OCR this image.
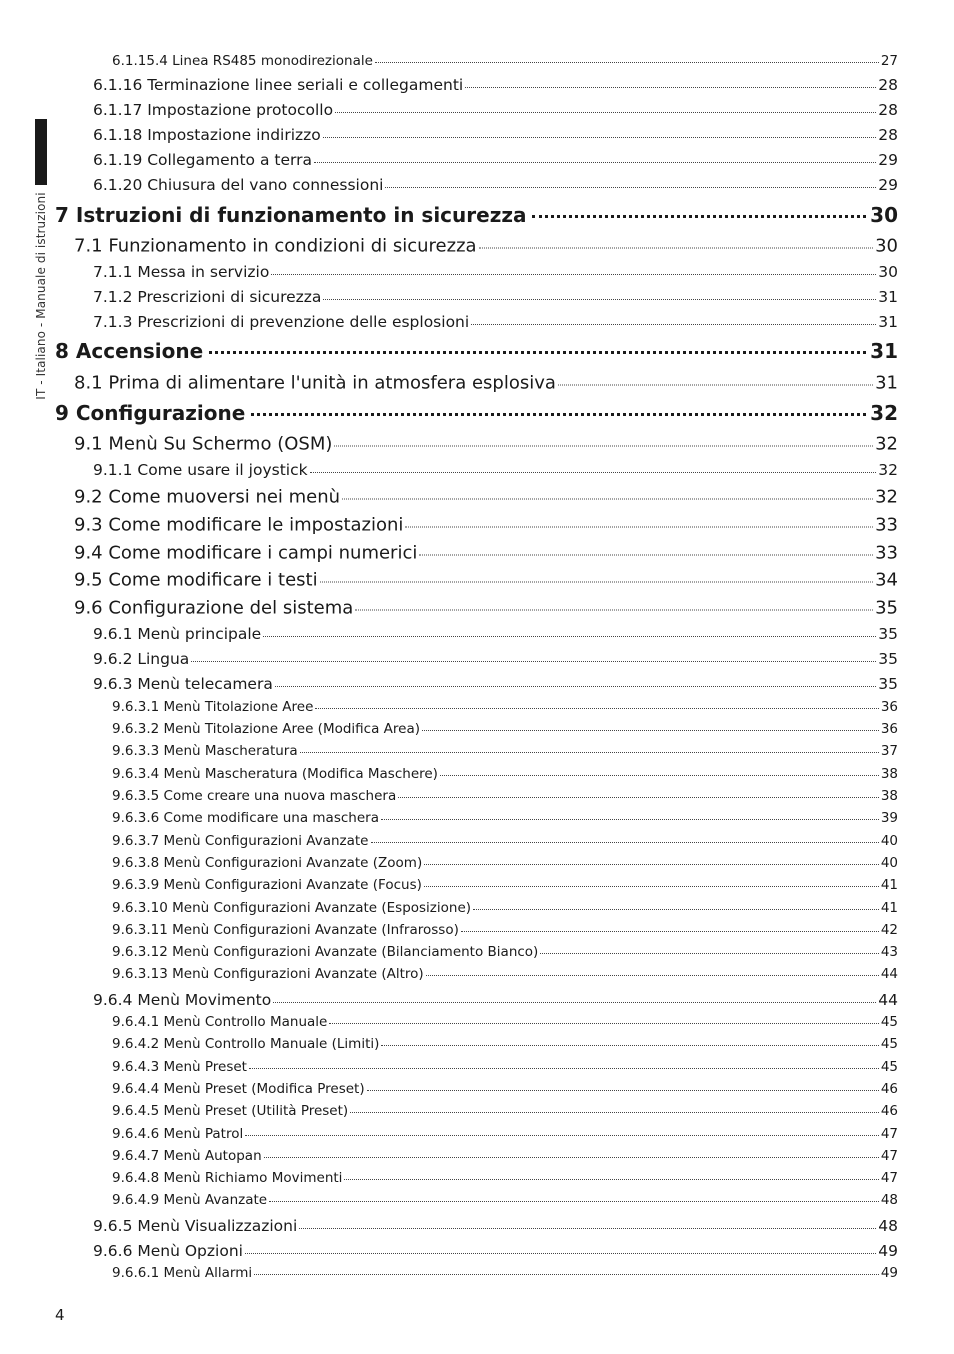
IT - Italiano - Manuale di istruzioni
6.1.15.4 Linea RS485 monodirezionale	27
6.1.16 Terminazione linee seriali e collegamenti	28
6.1.17 Impostazione protocollo	28
6.1.18 Impostazione indirizzo	28
6.1.19 Collegamento a terra	29
6.1.20 Chiusura del vano connessioni	29
7 Istruzioni di funzionamento in sicurezza	30
7.1 Funzionamento in condizioni di sicurezza	30
7.1.1 Messa in servizio	30
7.1.2 Prescrizioni di sicurezza	31
7.1.3 Prescrizioni di prevenzione delle esplosioni	31
8 Accensione	31
8.1 Prima di alimentare l'unità in atmosfera esplosiva	31
9 Configurazione	32
9.1 Menù Su Schermo (OSM)	32
9.1.1 Come usare il joystick	32
9.2 Come muoversi nei menù	32
9.3 Come modificare le impostazioni	33
9.4 Come modificare i campi numerici	33
9.5 Come modificare i testi	34
9.6 Configurazione del sistema	35
9.6.1 Menù principale	35
9.6.2 Lingua	35
9.6.3 Menù telecamera	35
9.6.3.1 Menù Titolazione Aree	36
9.6.3.2 Menù Titolazione Aree (Modifica Area)	36
9.6.3.3 Menù Mascheratura	37
9.6.3.4 Menù Mascheratura (Modifica Maschere)	38
9.6.3.5 Come creare una nuova maschera	38
9.6.3.6 Come modificare una maschera	39
9.6.3.7 Menù Configurazioni Avanzate	40
9.6.3.8 Menù Configurazioni Avanzate (Zoom)	40
9.6.3.9 Menù Configurazioni Avanzate (Focus)	41
9.6.3.10 Menù Configurazioni Avanzate (Esposizione)	41
9.6.3.11 Menù Configurazioni Avanzate (Infrarosso)	42
9.6.3.12 Menù Configurazioni Avanzate (Bilanciamento Bianco)	43
9.6.3.13 Menù Configurazioni Avanzate (Altro)	44
9.6.4 Menù Movimento	44
9.6.4.1 Menù Controllo Manuale	45
9.6.4.2 Menù Controllo Manuale (Limiti)	45
9.6.4.3 Menù Preset	45
9.6.4.4 Menù Preset (Modifica Preset)	46
9.6.4.5 Menù Preset (Utilità Preset)	46
9.6.4.6 Menù Patrol	47
9.6.4.7 Menù Autopan	47
9.6.4.8 Menù Richiamo Movimenti	47
9.6.4.9 Menù Avanzate	48
9.6.5 Menù Visualizzazioni	48
9.6.6 Menù Opzioni	49
9.6.6.1 Menù Allarmi	49
4
